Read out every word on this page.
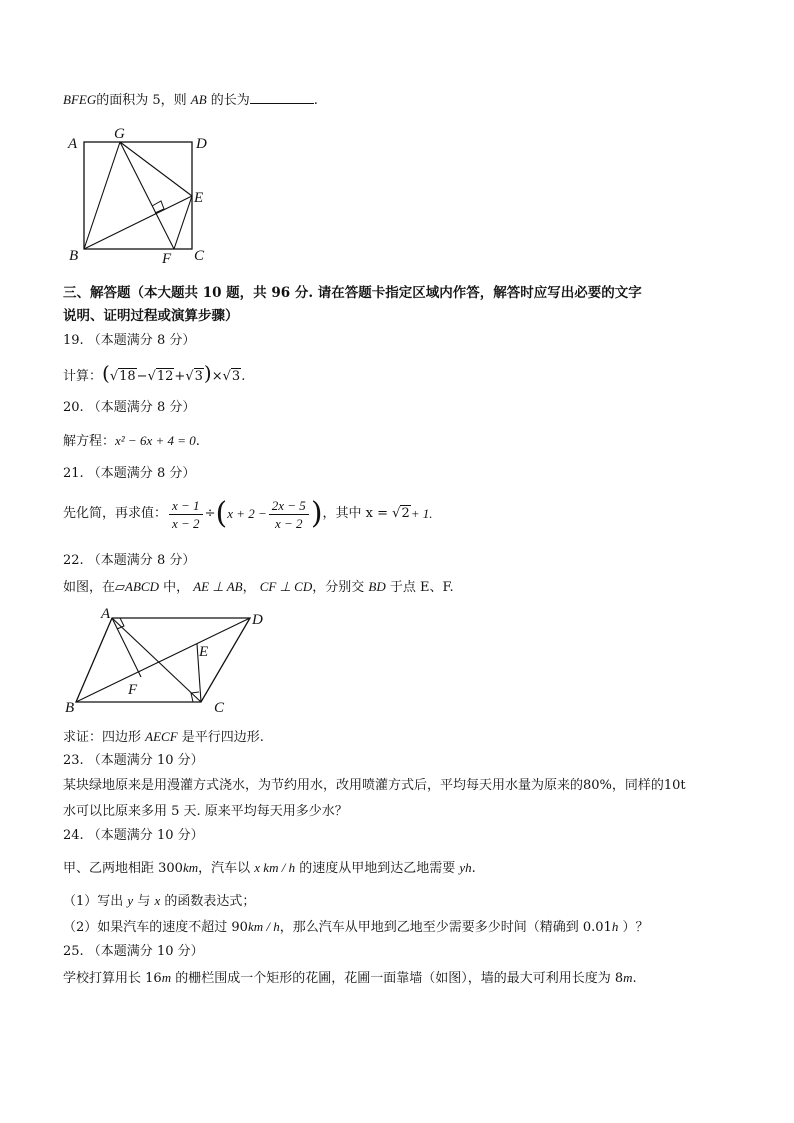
BFEG的面积为 5，则 AB 的长为	.
A
G
D
E
B	F C
三、解答题（本大题共 10 题，共 96 分. 请在答题卡指定区域内作答，解答时应写出必要的文字
说明、证明过程或演算步骤）
19. （本题满分 8 分）
计算：(√18−√12+√3)×√3.
20. （本题满分 8 分）
解方程：x² − 6x + 4 = 0.
21. （本题满分 8 分）
先化简，再求值： $\frac{x - 1}{x - 2}$ ÷ ( $x + 2 - \frac{2x - 5}{x - 2}$ ) ，其中 x = √2 + 1.
22. （本题满分 8 分）
如图，在▱ABCD 中， AE ⊥ AB， CF ⊥ CD，分别交 BD 于点 E、F.
A	D
E
F
B	C
求证：四边形 AECF 是平行四边形.
23. （本题满分 10 分）
某块绿地原来是用漫灌方式浇水，为节约用水，改用喷灌方式后，平均每天用水量为原来的80%，同样的10t
水可以比原来多用 5 天. 原来平均每天用多少水？
24. （本题满分 10 分）
甲、乙两地相距 300km，汽车以 x km / h 的速度从甲地到达乙地需要 yh.
（1）写出 y 与 x 的函数表达式；
（2）如果汽车的速度不超过 90km / h，那么汽车从甲地到乙地至少需要多少时间（精确到 0.01h ）？
25. （本题满分 10 分）
学校打算用长 16m 的栅栏围成一个矩形的花圃，花圃一面靠墙（如图），墙的最大可利用长度为 8m.
